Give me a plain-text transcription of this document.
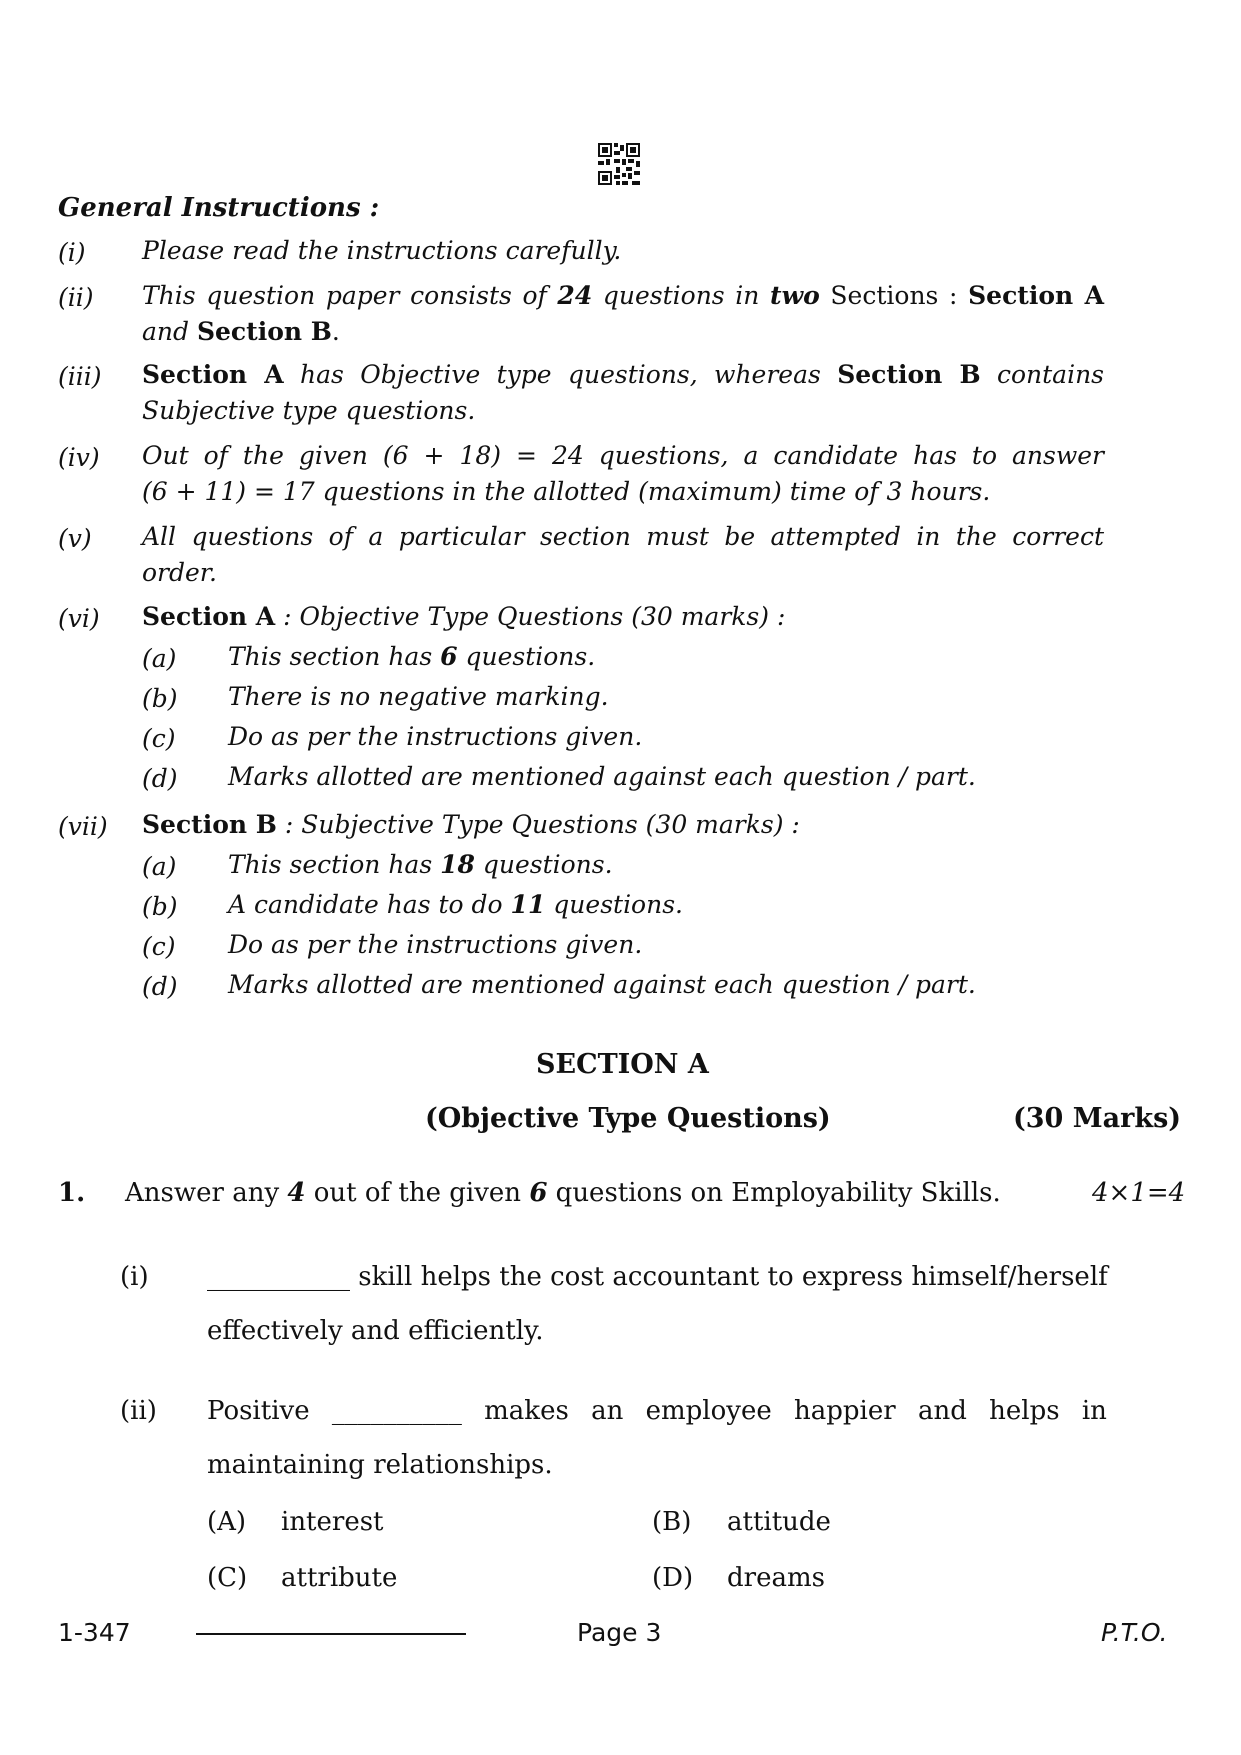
General Instructions :
(i) Please read the instructions carefully.
(ii) This question paper consists of 24 questions in two Sections : Section A
and Section B.
(iii) Section A has Objective type questions, whereas Section B contains
Subjective type questions.
(iv) Out of the given (6 + 18) = 24 questions, a candidate has to answer
(6 + 11) = 17 questions in the allotted (maximum) time of 3 hours.
(v) All questions of a particular section must be attempted in the correct
order.
(vi) Section A : Objective Type Questions (30 marks) :
(a) This section has 6 questions.
(b) There is no negative marking.
(c) Do as per the instructions given.
(d) Marks allotted are mentioned against each question / part.
(vii) Section B : Subjective Type Questions (30 marks) :
(a) This section has 18 questions.
(b) A candidate has to do 11 questions.
(c) Do as per the instructions given.
(d) Marks allotted are mentioned against each question / part.
SECTION A
(Objective Type Questions)	(30 Marks)
1. Answer any 4 out of the given 6 questions on Employability Skills.	4×1=4
(i) ___________ skill helps the cost accountant to express himself/herself
effectively and efficiently.
(ii) Positive __________ makes an employee happier and helps in
maintaining relationships.
(A) interest	(B) attitude
(C) attribute	(D) dreams
1-347	Page 3	P.T.O.
